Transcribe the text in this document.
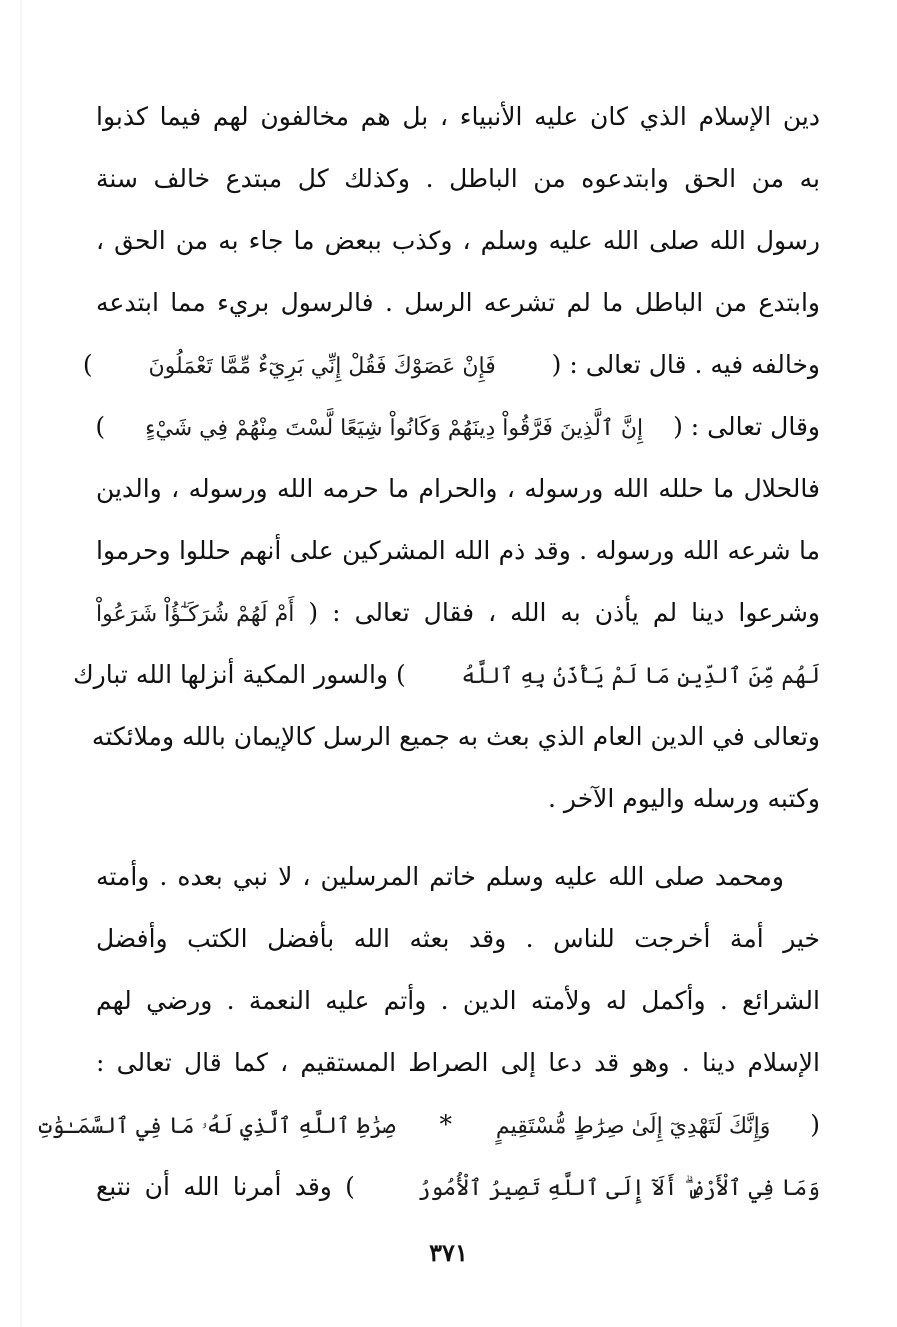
دين الإسلام الذي كان عليه الأنبياء ، بل هم مخالفون لهم فيما كذبوا
به من الحق وابتدعوه من الباطل . وكذلك كل مبتدع خالف سنة
رسول الله صلى الله عليه وسلم ، وكذب ببعض ما جاء به من الحق ،
وابتدع من الباطل ما لم تشرعه الرسل . فالرسول بريء مما ابتدعه
وخالفه فيه . قال تعالى : (  فَإِنْ عَصَوْكَ فَقُلْ إِنِّي بَرِيٓءٌ مِّمَّا تَعْمَلُونَ  )
وقال تعالى : (  إِنَّ ٱلَّذِينَ فَرَّقُواْ دِينَهُمْ وَكَانُواْ شِيَعًا لَّسْتَ مِنْهُمْ فِي شَيْءٍ  )
فالحلال ما حلله الله ورسوله ، والحرام ما حرمه الله ورسوله ، والدين
ما شرعه الله ورسوله . وقد ذم الله المشركين على أنهم حللوا وحرموا
وشرعوا دينا لم يأذن به الله ، فقال تعالى : ( أَمْ لَهُمْ شُرَكَـٰٓؤُاْ شَرَعُواْ
لَهُم مِّنَ ٱلدِّينِ مَا لَمْ يَأْذَنۢ بِهِ ٱللَّهُ  ) والسور المكية أنزلها الله تبارك
وتعالى في الدين العام الذي بعث به جميع الرسل كالإيمان بالله وملائكته
وكتبه ورسله واليوم الآخر .
ومحمد صلى الله عليه وسلم خاتم المرسلين ، لا نبي بعده . وأمته
خير أمة أخرجت للناس . وقد بعثه الله بأفضل الكتب وأفضل
الشرائع . وأكمل له ولأمته الدين . وأتم عليه النعمة . ورضي لهم
الإسلام دينا . وهو قد دعا إلى الصراط المستقيم ، كما قال تعالى :
(  وَإِنَّكَ لَتَهْدِيٓ إِلَىٰ صِرَٰطٍ مُّسْتَقِيمٍ  *  صِرَٰطِ ٱللَّهِ ٱلَّذِي لَهُۥ مَا فِي ٱلسَّمَـٰوَٰتِ
وَمَا فِي ٱلْأَرْضِ ۗ أَلَآ إِلَى ٱللَّهِ تَصِيرُ ٱلْأُمُورُ  ) وقد أمرنا الله أن نتبع
٣٧١
